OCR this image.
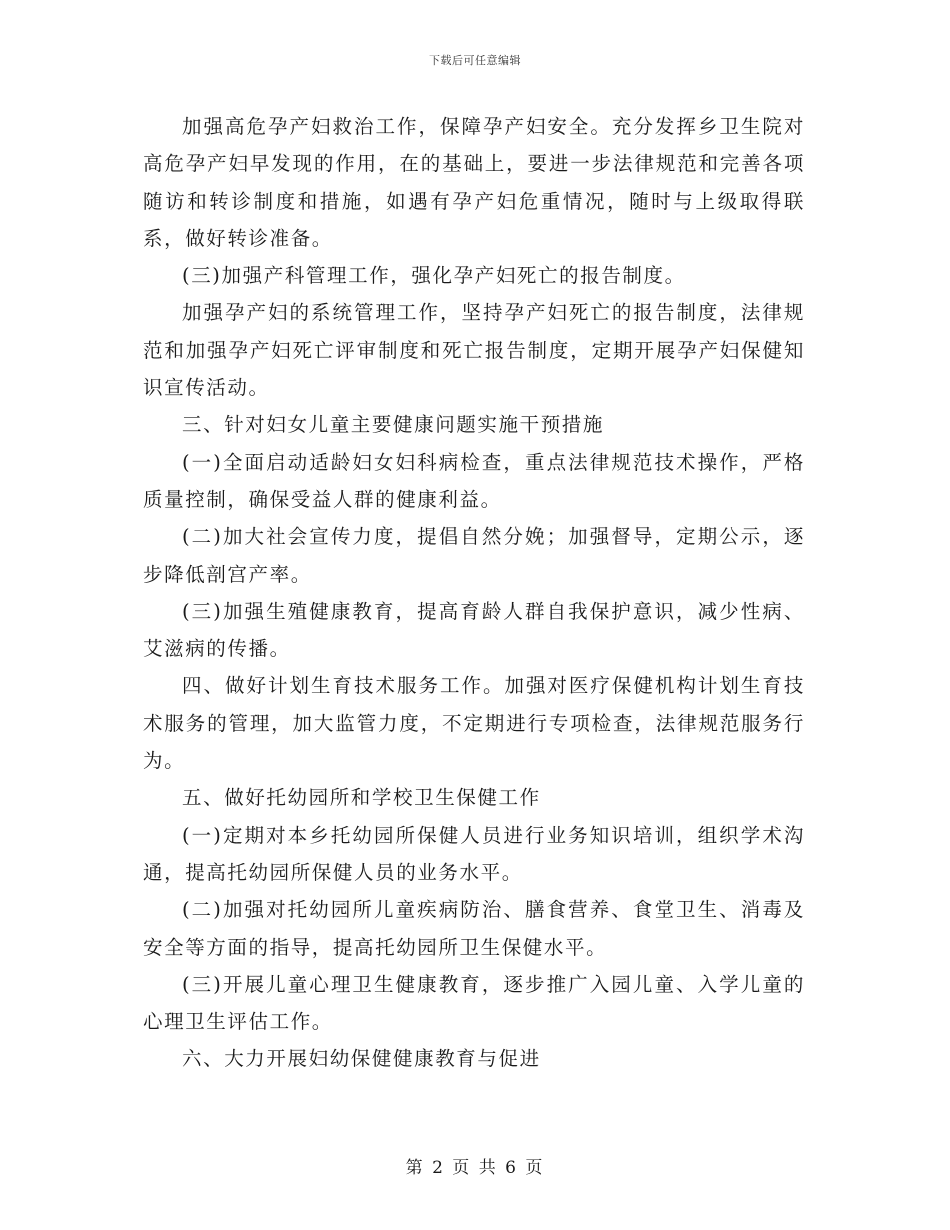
下载后可任意编辑

加强高危孕产妇救治工作，保障孕产妇安全。充分发挥乡卫生院对高危孕产妇早发现的作用，在的基础上，要进一步法律规范和完善各项随访和转诊制度和措施，如遇有孕产妇危重情况，随时与上级取得联系，做好转诊准备。

(三)加强产科管理工作，强化孕产妇死亡的报告制度。

加强孕产妇的系统管理工作，坚持孕产妇死亡的报告制度，法律规范和加强孕产妇死亡评审制度和死亡报告制度，定期开展孕产妇保健知识宣传活动。

三、针对妇女儿童主要健康问题实施干预措施

(一)全面启动适龄妇女妇科病检查，重点法律规范技术操作，严格质量控制，确保受益人群的健康利益。

(二)加大社会宣传力度，提倡自然分娩；加强督导，定期公示，逐步降低剖宫产率。

(三)加强生殖健康教育，提高育龄人群自我保护意识，减少性病、艾滋病的传播。

四、做好计划生育技术服务工作。加强对医疗保健机构计划生育技术服务的管理，加大监管力度，不定期进行专项检查，法律规范服务行为。

五、做好托幼园所和学校卫生保健工作

(一)定期对本乡托幼园所保健人员进行业务知识培训，组织学术沟通，提高托幼园所保健人员的业务水平。

(二)加强对托幼园所儿童疾病防治、膳食营养、食堂卫生、消毒及安全等方面的指导，提高托幼园所卫生保健水平。

(三)开展儿童心理卫生健康教育，逐步推广入园儿童、入学儿童的心理卫生评估工作。

六、大力开展妇幼保健健康教育与促进

第 2 页 共 6 页
